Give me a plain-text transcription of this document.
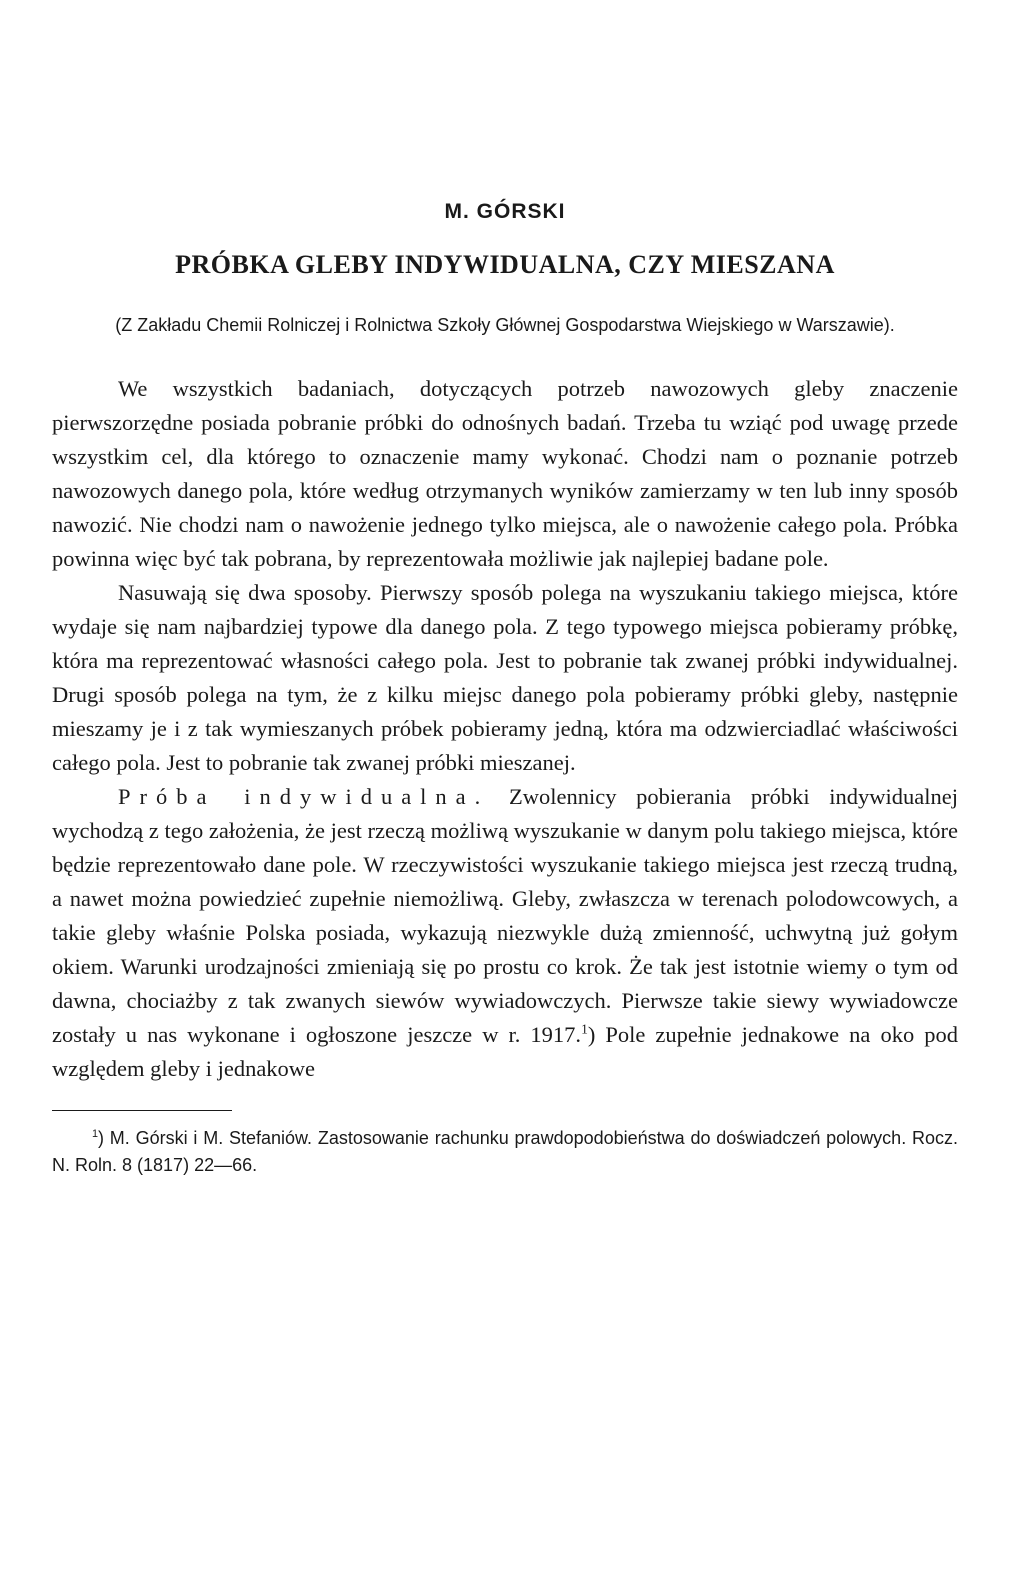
M. GÓRSKI

PRÓBKA GLEBY INDYWIDUALNA, CZY MIESZANA

(Z Zakładu Chemii Rolniczej i Rolnictwa Szkoły Głównej Gospodarstwa Wiejskiego w Warszawie).

We wszystkich badaniach, dotyczących potrzeb nawozowych gleby znaczenie pierwszorzędne posiada pobranie próbki do odnośnych badań. Trzeba tu wziąć pod uwagę przede wszystkim cel, dla którego to oznaczenie mamy wykonać. Chodzi nam o poznanie potrzeb nawozowych danego pola, które według otrzymanych wyników zamierzamy w ten lub inny sposób nawozić. Nie chodzi nam o nawożenie jednego tylko miejsca, ale o nawożenie całego pola. Próbka powinna więc być tak pobrana, by reprezentowała możliwie jak najlepiej badane pole.

Nasuwają się dwa sposoby. Pierwszy sposób polega na wyszukaniu takiego miejsca, które wydaje się nam najbardziej typowe dla danego pola. Z tego typowego miejsca pobieramy próbkę, która ma reprezentować własności całego pola. Jest to pobranie tak zwanej próbki indywidualnej. Drugi sposób polega na tym, że z kilku miejsc danego pola pobieramy próbki gleby, następnie mieszamy je i z tak wymieszanych próbek pobieramy jedną, która ma odzwierciadlać właściwości całego pola. Jest to pobranie tak zwanej próbki mieszanej.

Próba indywidualna. Zwolennicy pobierania próbki indywidualnej wychodzą z tego założenia, że jest rzeczą możliwą wyszukanie w danym polu takiego miejsca, które będzie reprezentowało dane pole. W rzeczywistości wyszukanie takiego miejsca jest rzeczą trudną, a nawet można powiedzieć zupełnie niemożliwą. Gleby, zwłaszcza w terenach polodowcowych, a takie gleby właśnie Polska posiada, wykazują niezwykle dużą zmienność, uchwytną już gołym okiem. Warunki urodzajności zmieniają się po prostu co krok. Że tak jest istotnie wiemy o tym od dawna, chociażby z tak zwanych siewów wywiadowczych. Pierwsze takie siewy wywiadowcze zostały u nas wykonane i ogłoszone jeszcze w r. 1917.$^1$) Pole zupełnie jednakowe na oko pod względem gleby i jednakowe

$^1$) M. Górski i M. Stefaniów. Zastosowanie rachunku prawdopodobieństwa do doświadczeń polowych. Rocz. N. Roln. 8 (1817) 22—66.
